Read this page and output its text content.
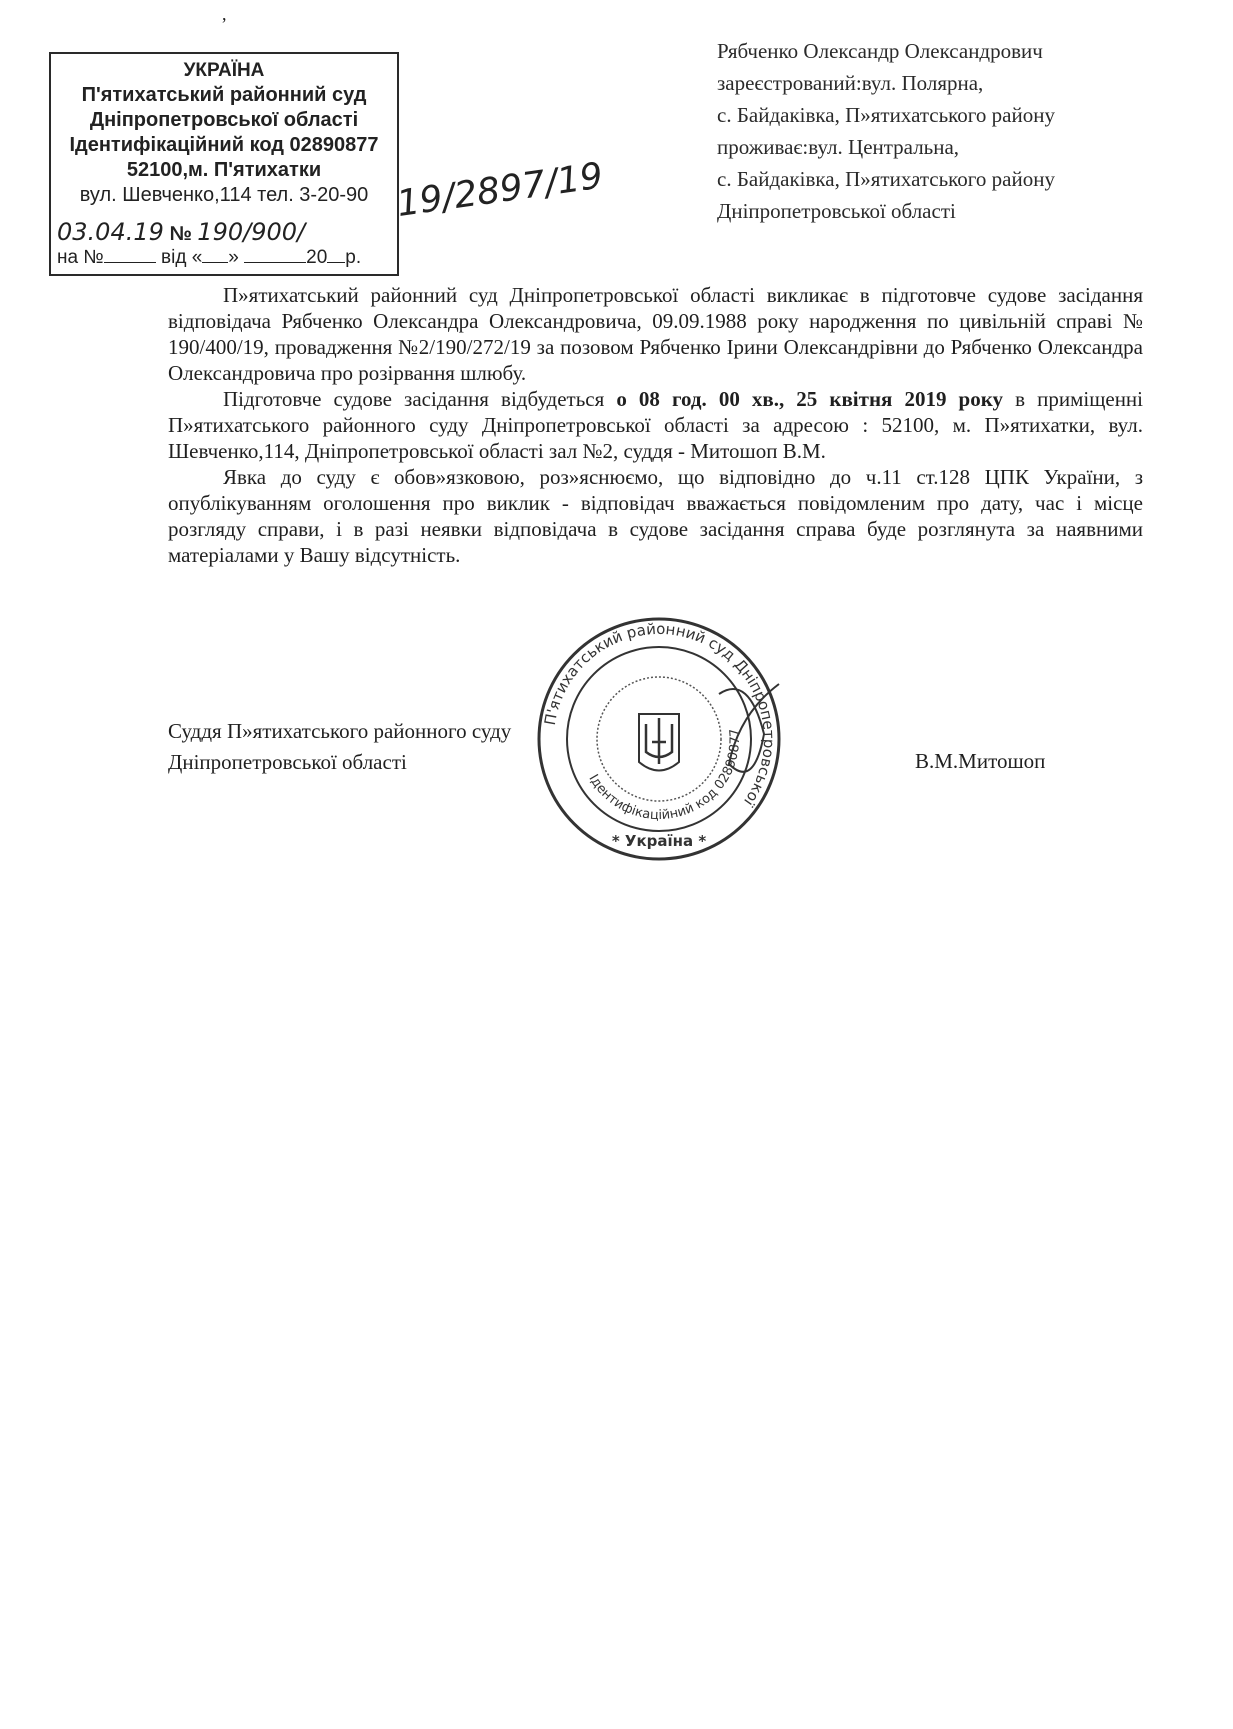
,
УКРАЇНА
П'ятихатський районний суд
Дніпропетровської області
Ідентифікаційний код 02890877
52100,м. П'ятихатки
вул. Шевченко,114 тел. 3-20-90
03.04.19 № 190/900/
на №	від « »	20 р.
19/2897/19
Рябченко Олександр Олександрович
зареєстрований:вул. Полярна,
с. Байдаківка, П»ятихатського району
проживає:вул. Центральна,
с. Байдаківка, П»ятихатського району
Дніпропетровської області

П»ятихатський районний суд Дніпропетровської області викликає в підготовче судове засідання відповідача Рябченко Олександра Олександровича, 09.09.1988 року народження по цивільній справі № 190/400/19, провадження №2/190/272/19 за позовом Рябченко Ірини Олександрівни до Рябченко Олександра Олександровича про розірвання шлюбу.

Підготовче судове засідання відбудеться о 08 год. 00 хв., 25 квітня 2019 року в приміщенні П»ятихатського районного суду Дніпропетровської області за адресою : 52100, м. П»ятихатки, вул. Шевченко,114, Дніпропетровської області зал №2, суддя - Митошоп В.М.

Явка до суду є обов»язковою, роз»яснюємо, що відповідно до ч.11 ст.128 ЦПК України, з опублікуванням оголошення про виклик - відповідач вважається повідомленим про дату, час і місце розгляду справи, і в разі неявки відповідача в судове засідання справа буде розглянута за наявними матеріалами у Вашу відсутність.

Суддя П»ятихатського районного суду
Дніпропетровської області	В.М.Митошоп
П'ятихатський районний суд Дніпропетровської
Ідентифікаційний код 02890877
* Україна *
